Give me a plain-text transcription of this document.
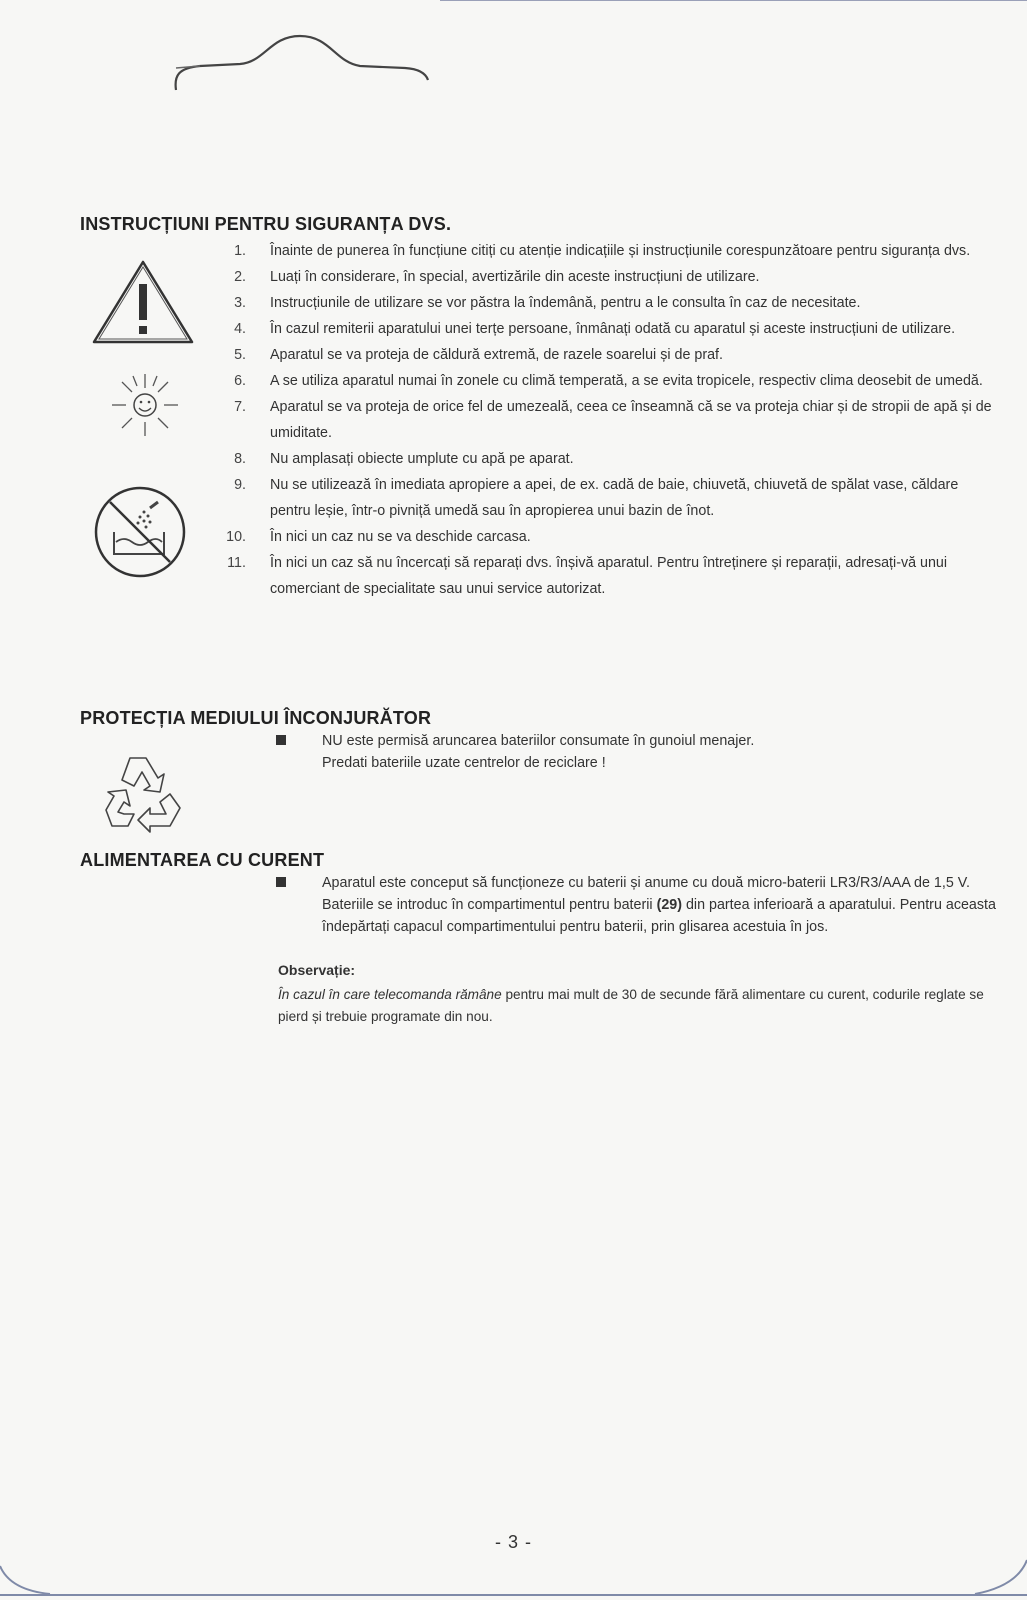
INSTRUCȚIUNI PENTRU SIGURANȚA DVS.
1. Înainte de punerea în funcțiune citiți cu atenție indicațiile și instrucțiunile corespunzătoare pentru siguranța dvs.
2. Luați în considerare, în special, avertizările din aceste instrucțiuni de utilizare.
3. Instrucțiunile de utilizare se vor păstra la îndemână, pentru a le consulta în caz de necesitate.
4. În cazul remiterii aparatului unei terțe persoane, înmânați odată cu aparatul și aceste instrucțiuni de utilizare.
5. Aparatul se va proteja de căldură extremă, de razele soarelui și de praf.
6. A se utiliza aparatul numai în zonele cu climă temperată, a se evita tropicele, respectiv clima deosebit de umedă.
7. Aparatul se va proteja de orice fel de umezeală, ceea ce înseamnă că se va proteja chiar și de stropii de apă și de umiditate.
8. Nu amplasați obiecte umplute cu apă pe aparat.
9. Nu se utilizează în imediata apropiere a apei, de ex. cadă de baie, chiuvetă, chiuvetă de spălat vase, căldare pentru leșie, într-o pivniță umedă sau în apropierea unui bazin de înot.
10. În nici un caz nu se va deschide carcasa.
11. În nici un caz să nu încercați să reparați dvs. înșivă aparatul. Pentru întreținere și reparații, adresați-vă unui comerciant de specialitate sau unui service autorizat.
PROTECȚIA MEDIULUI ÎNCONJURĂTOR
NU este permisă aruncarea bateriilor consumate în gunoiul menajer.
Predati bateriile uzate centrelor de reciclare !
ALIMENTAREA CU CURENT
Aparatul este conceput să funcționeze cu baterii și anume cu două micro-baterii LR3/R3/AAA de 1,5 V. Bateriile se introduc în compartimentul pentru baterii (29) din partea inferioară a aparatului. Pentru aceasta îndepărtați capacul compartimentului pentru baterii, prin glisarea acestuia în jos.
Observație:
În cazul în care telecomanda rămâne pentru mai mult de 30 de secunde fără alimentare cu curent, codurile reglate se pierd și trebuie programate din nou.
- 3 -
